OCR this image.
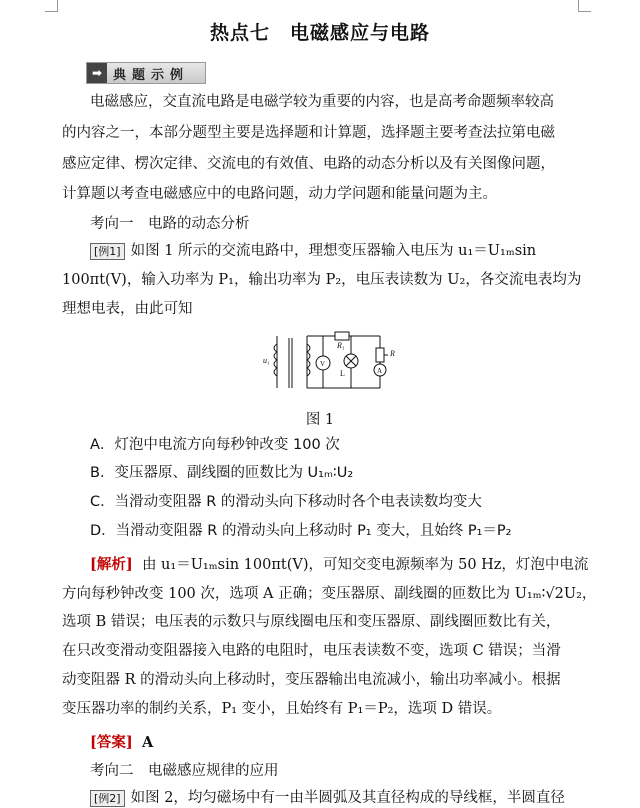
热点七　电磁感应与电路
➡ 典题示例
电磁感应，交直流电路是电磁学较为重要的内容，也是高考命题频率较高
的内容之一，本部分题型主要是选择题和计算题，选择题主要考查法拉第电磁
感应定律、楞次定律、交流电的有效值、电路的动态分析以及有关图像问题，
计算题以考查电磁感应中的电路问题，动力学问题和能量问题为主。
考向一　电路的动态分析
[例1] 如图 1 所示的交流电路中，理想变压器输入电压为 u₁＝U₁ₘsin
100πt(V)，输入功率为 P₁，输出功率为 P₂，电压表读数为 U₂，各交流电表均为
理想电表，由此可知
u₁
R₁
R
L
V
A
图 1
A．灯泡中电流方向每秒钟改变 100 次
B．变压器原、副线圈的匝数比为 U₁ₘ∶U₂
C．当滑动变阻器 R 的滑动头向下移动时各个电表读数均变大
D．当滑动变阻器 R 的滑动头向上移动时 P₁ 变大，且始终 P₁＝P₂
[解析] 由 u₁＝U₁ₘsin 100πt(V)，可知交变电源频率为 50 Hz，灯泡中电流
方向每秒钟改变 100 次，选项 A 正确；变压器原、副线圈的匝数比为 U₁ₘ∶√2U₂，
选项 B 错误；电压表的示数只与原线圈电压和变压器原、副线圈匝数比有关，
在只改变滑动变阻器接入电路的电阻时，电压表读数不变，选项 C 错误；当滑
动变阻器 R 的滑动头向上移动时，变压器输出电流减小，输出功率减小。根据
变压器功率的制约关系，P₁ 变小，且始终有 P₁＝P₂，选项 D 错误。
[答案] A
考向二　电磁感应规律的应用
[例2] 如图 2，均匀磁场中有一由半圆弧及其直径构成的导线框，半圆直径
